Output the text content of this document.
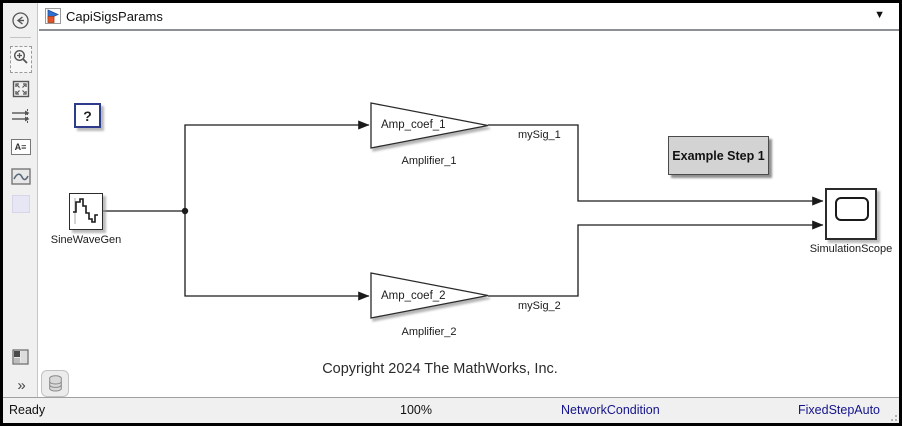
A≡
»
CapiSigsParams	▼
?
SineWaveGen
Amp_coef_1
Amplifier_1
Amp_coef_2
Amplifier_2
mySig_1
mySig_2
Example Step 1
SimulationScope
Copyright 2024 The MathWorks, Inc.
Ready	100%	NetworkCondition	FixedStepAuto
